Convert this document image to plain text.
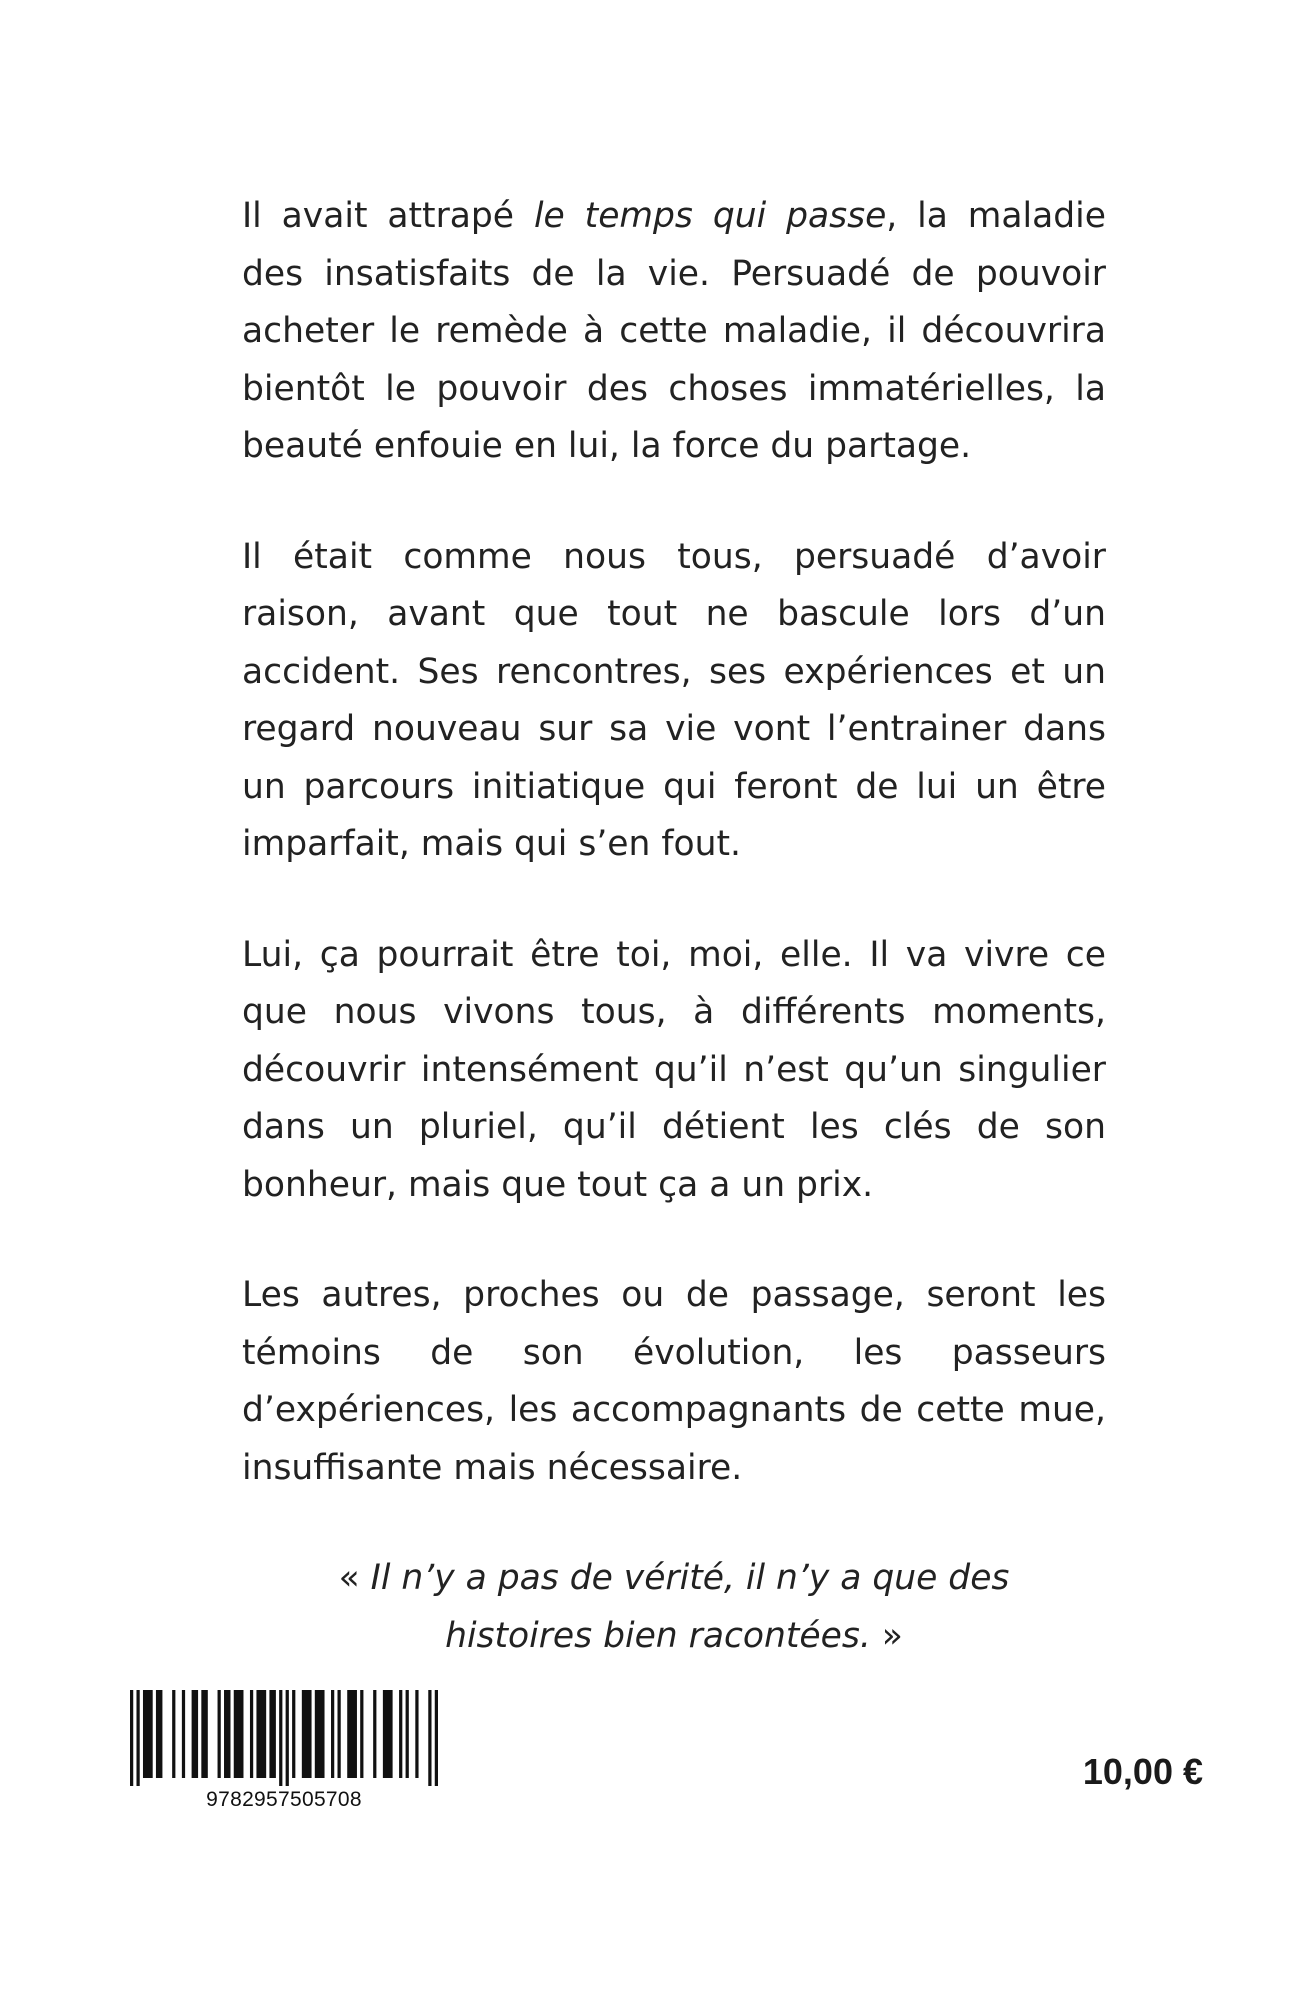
Il avait attrapé le temps qui passe, la maladie des insatisfaits de la vie. Persuadé de pouvoir acheter le remède à cette maladie, il découvrira bientôt le pouvoir des choses immatérielles, la beauté enfouie en lui, la force du partage.

Il était comme nous tous, persuadé d’avoir raison, avant que tout ne bascule lors d’un accident. Ses rencontres, ses expériences et un regard nouveau sur sa vie vont l’entrainer dans un parcours initiatique qui feront de lui un être imparfait, mais qui s’en fout.

Lui, ça pourrait être toi, moi, elle. Il va vivre ce que nous vivons tous, à différents moments, découvrir intensément qu’il n’est qu’un singulier dans un pluriel, qu’il détient les clés de son bonheur, mais que tout ça a un prix.

Les autres, proches ou de passage, seront les témoins de son évolution, les passeurs d’expériences, les accompagnants de cette mue, insuffisante mais nécessaire.

« Il n’y a pas de vérité, il n’y a que des histoires bien racontées. »

9782957505708
10,00 €
